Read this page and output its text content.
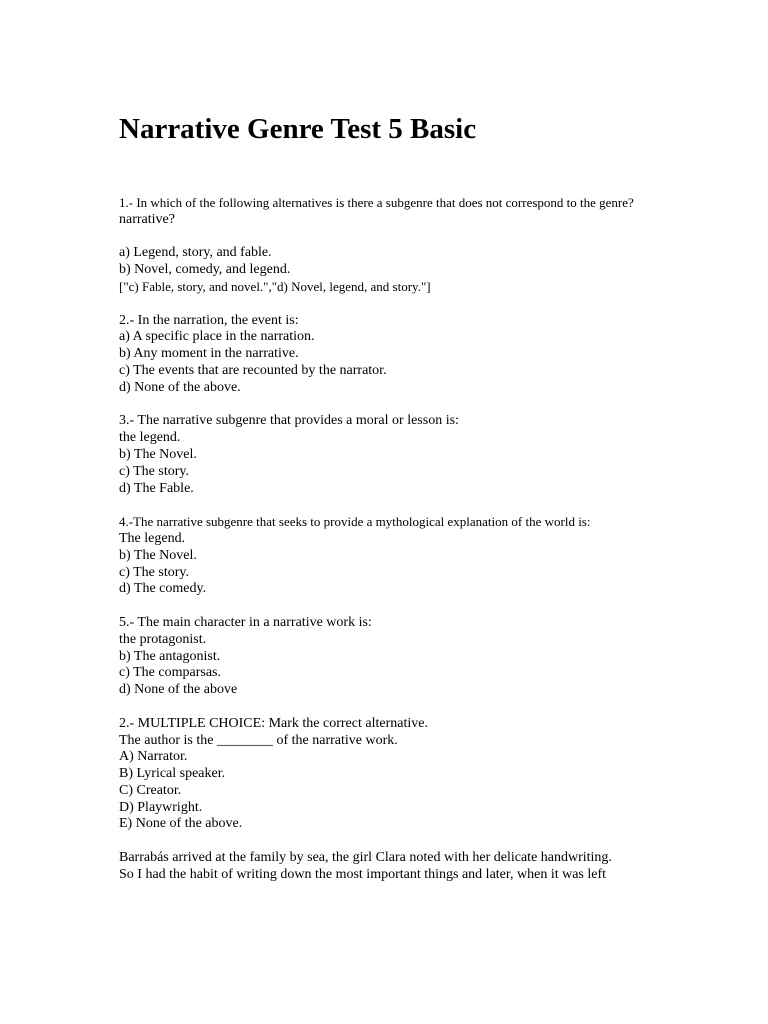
Narrative Genre Test 5 Basic
1.- In which of the following alternatives is there a subgenre that does not correspond to the genre?
narrative?
a) Legend, story, and fable.
b) Novel, comedy, and legend.
["c) Fable, story, and novel.","d) Novel, legend, and story."]
2.- In the narration, the event is:
a) A specific place in the narration.
b) Any moment in the narrative.
c) The events that are recounted by the narrator.
d) None of the above.
3.- The narrative subgenre that provides a moral or lesson is:
the legend.
b) The Novel.
c) The story.
d) The Fable.
4.-The narrative subgenre that seeks to provide a mythological explanation of the world is:
The legend.
b) The Novel.
c) The story.
d) The comedy.
5.- The main character in a narrative work is:
the protagonist.
b) The antagonist.
c) The comparsas.
d) None of the above
2.- MULTIPLE CHOICE: Mark the correct alternative.
The author is the ________ of the narrative work.
A) Narrator.
B) Lyrical speaker.
C) Creator.
D) Playwright.
E) None of the above.
Barrabás arrived at the family by sea, the girl Clara noted with her delicate handwriting.
So I had the habit of writing down the most important things and later, when it was left
